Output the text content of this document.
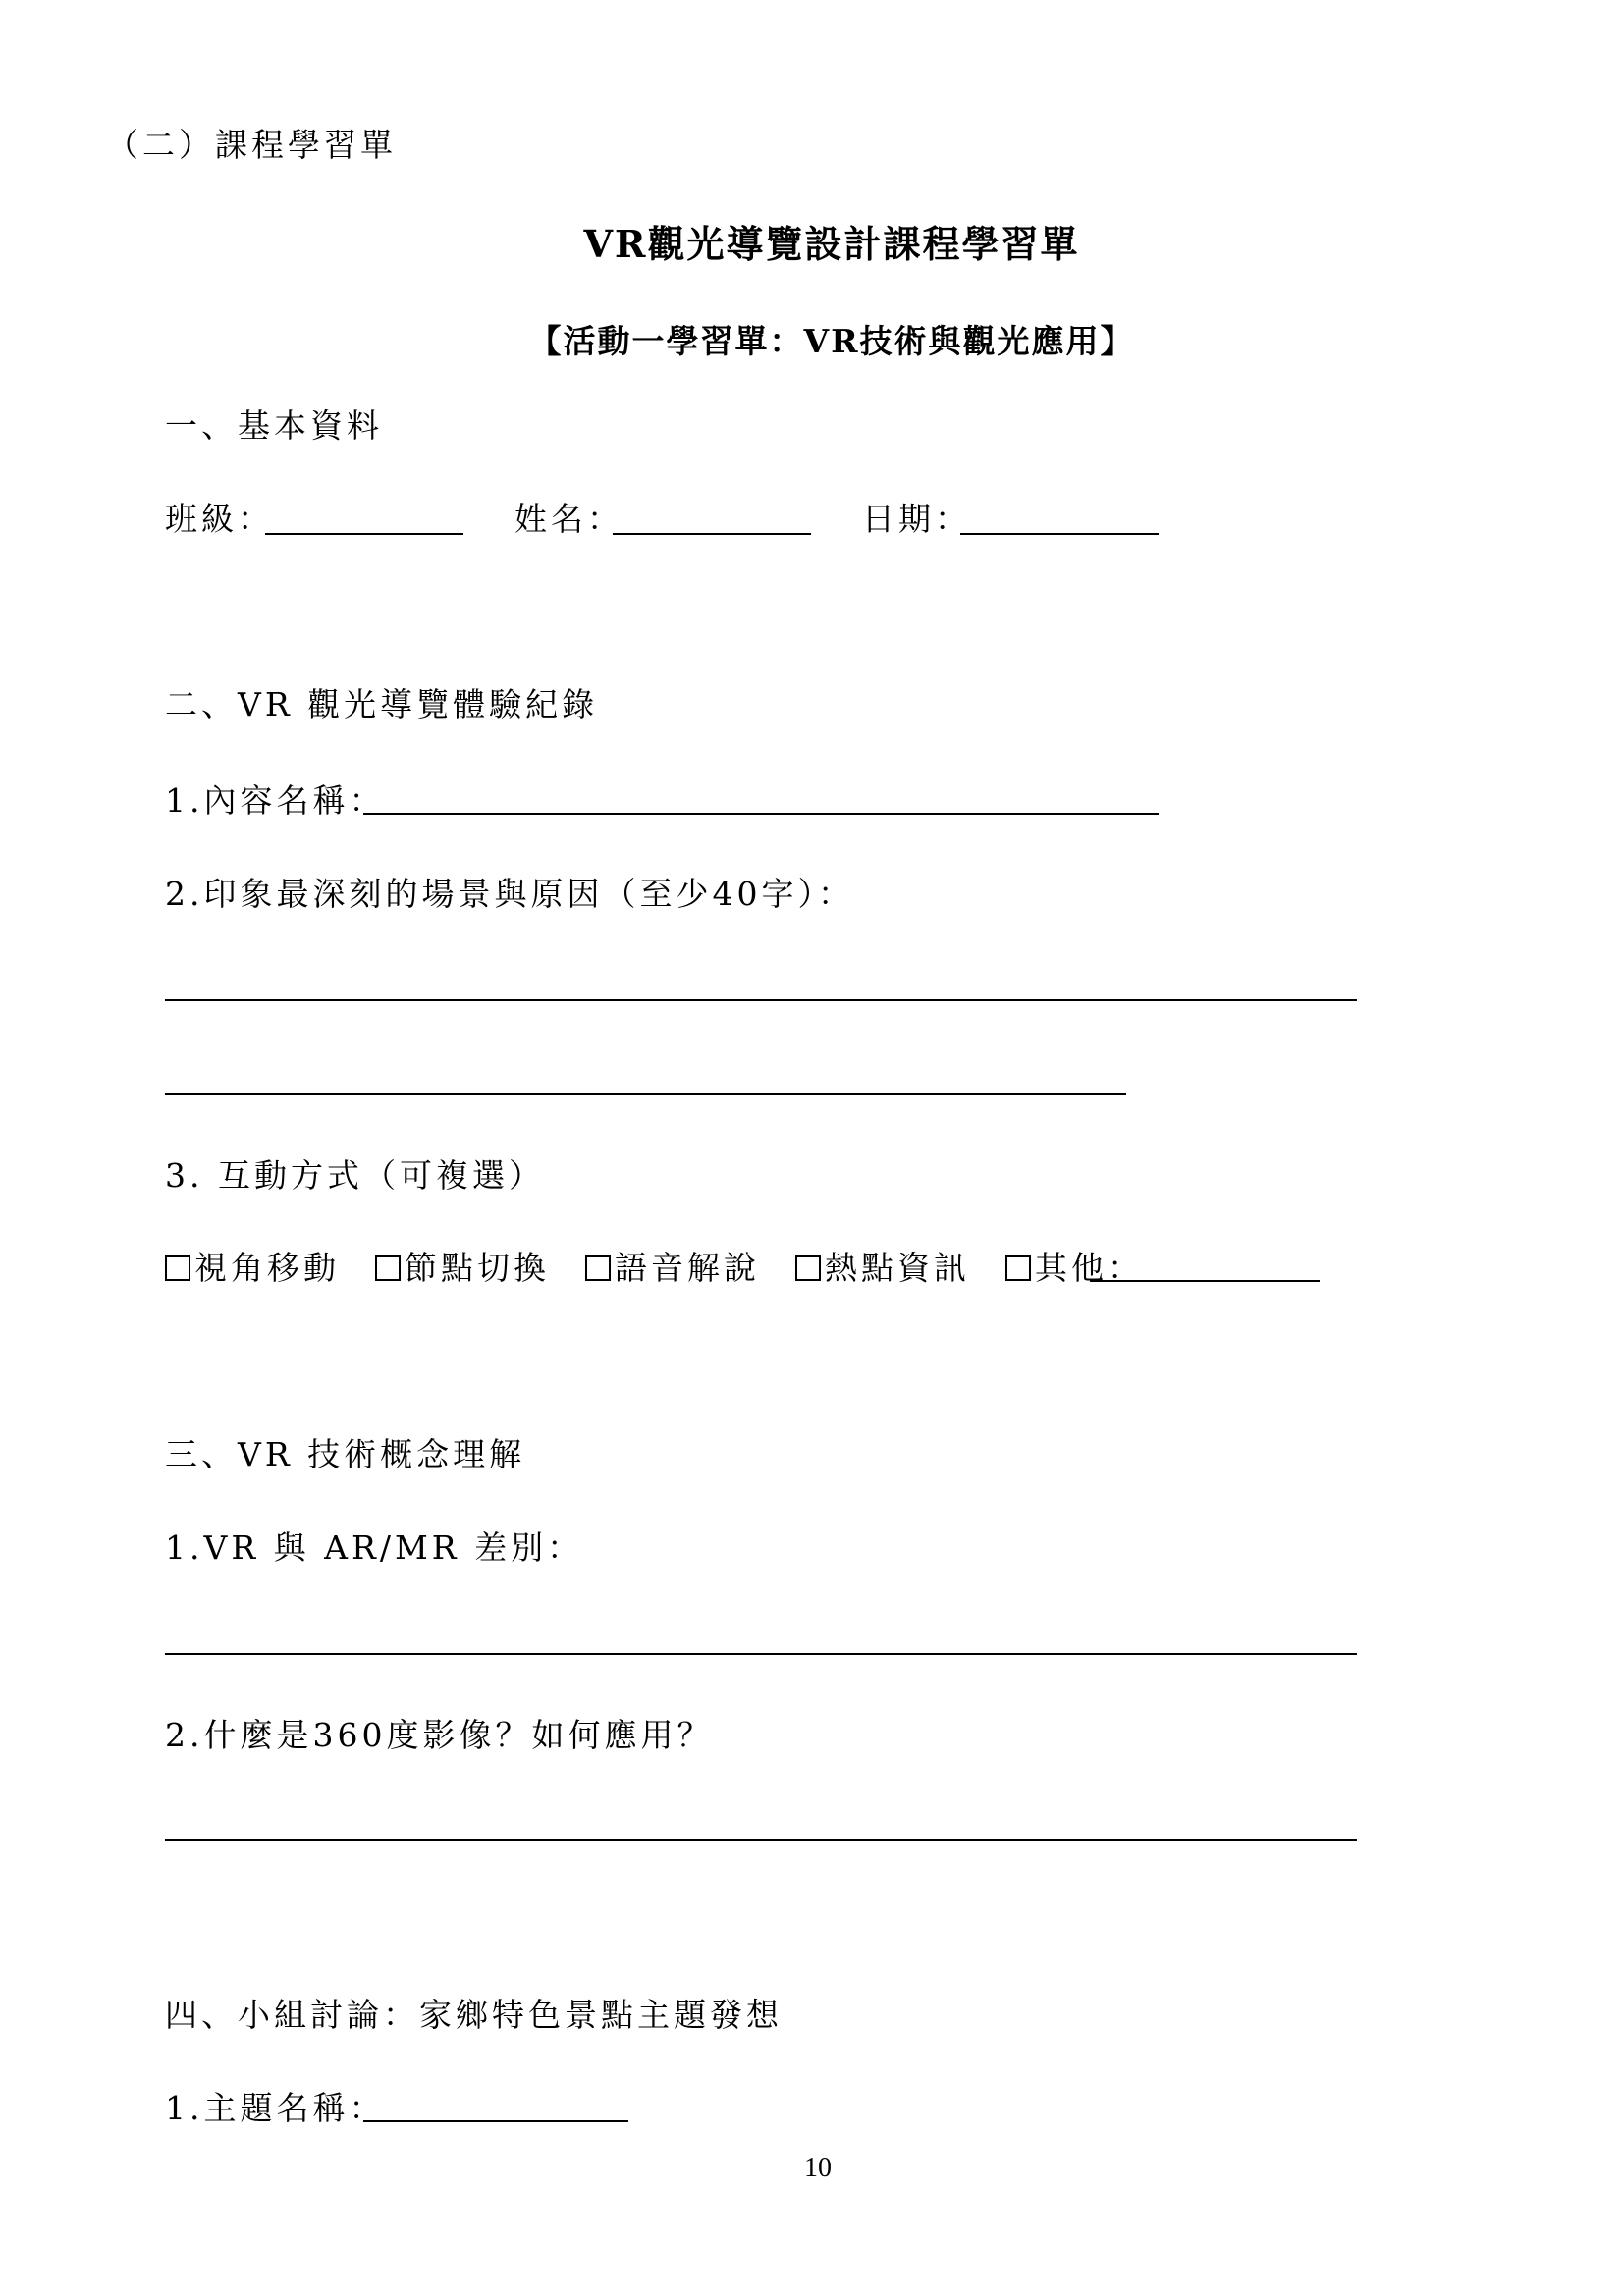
（二）課程學習單
VR觀光導覽設計課程學習單
【活動一學習單：VR技術與觀光應用】
一、基本資料
班級：	姓名：	日期：
二、VR 觀光導覽體驗紀錄
1.內容名稱：
2.印象最深刻的場景與原因（至少40字）：
3. 互動方式（可複選）
視角移動 節點切換 語音解說 熱點資訊 其他：
三、VR 技術概念理解
1.VR 與 AR/MR 差別：
2.什麼是360度影像？如何應用？
四、小組討論：家鄉特色景點主題發想
1.主題名稱：
10
